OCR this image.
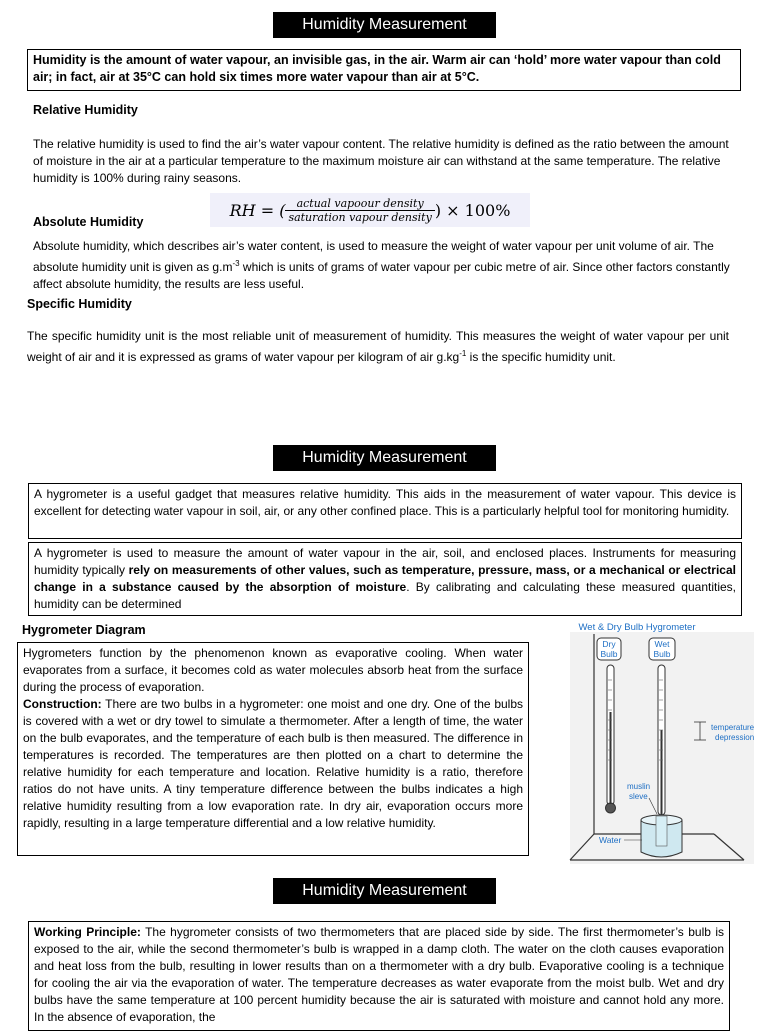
Humidity Measurement
Humidity is the amount of water vapour, an invisible gas, in the air. Warm air can ‘hold’ more water vapour than cold air; in fact, air at 35°C can hold six times more water vapour than air at 5°C.
Relative Humidity
The relative humidity is used to find the air’s water vapour content. The relative humidity is defined as the ratio between the amount of moisture in the air at a particular temperature to the maximum moisture air can withstand at the same temperature. The relative humidity is 100% during rainy seasons.
RH = ( $\frac{\text{actual vapoour density}}{\text{saturation vapour density}}$ ) × 100%
Absolute Humidity
Absolute humidity, which describes air’s water content, is used to measure the weight of water vapour per unit volume of air. The absolute humidity unit is given as $g.m^{-3}$ which is units of grams of water vapour per cubic metre of air. Since other factors constantly affect absolute humidity, the results are less useful.
Specific Humidity
The specific humidity unit is the most reliable unit of measurement of humidity. This measures the weight of water vapour per unit weight of air and it is expressed as grams of water vapour per kilogram of air $g.kg^{-1}$ is the specific humidity unit.
Humidity Measurement
A hygrometer is a useful gadget that measures relative humidity. This aids in the measurement of water vapour. This device is excellent for detecting water vapour in soil, air, or any other confined place. This is a particularly helpful tool for monitoring humidity.
A hygrometer is used to measure the amount of water vapour in the air, soil, and enclosed places. Instruments for measuring humidity typically rely on measurements of other values, such as temperature, pressure, mass, or a mechanical or electrical change in a substance caused by the absorption of moisture. By calibrating and calculating these measured quantities, humidity can be determined
Hygrometer Diagram
Hygrometers function by the phenomenon known as evaporative cooling. When water evaporates from a surface, it becomes cold as water molecules absorb heat from the surface during the process of evaporation.
Construction: There are two bulbs in a hygrometer: one moist and one dry. One of the bulbs is covered with a wet or dry towel to simulate a thermometer. After a length of time, the water on the bulb evaporates, and the temperature of each bulb is then measured. The difference in temperatures is recorded. The temperatures are then plotted on a chart to determine the relative humidity for each temperature and location. Relative humidity is a ratio, therefore ratios do not have units. A tiny temperature difference between the bulbs indicates a high relative humidity resulting from a low evaporation rate. In dry air, evaporation occurs more rapidly, resulting in a large temperature differential and a low relative humidity.
Wet & Dry Bulb Hygrometer
Dry
Bulb
Wet
Bulb
temperature
depression
muslin
sleve
Water
Humidity Measurement
Working Principle: The hygrometer consists of two thermometers that are placed side by side. The first thermometer’s bulb is exposed to the air, while the second thermometer’s bulb is wrapped in a damp cloth. The water on the cloth causes evaporation and heat loss from the bulb, resulting in lower results than on a thermometer with a dry bulb. Evaporative cooling is a technique for cooling the air via the evaporation of water. The temperature decreases as water evaporate from the moist bulb. Wet and dry bulbs have the same temperature at 100 percent humidity because the air is saturated with moisture and cannot hold any more. In the absence of evaporation, the
